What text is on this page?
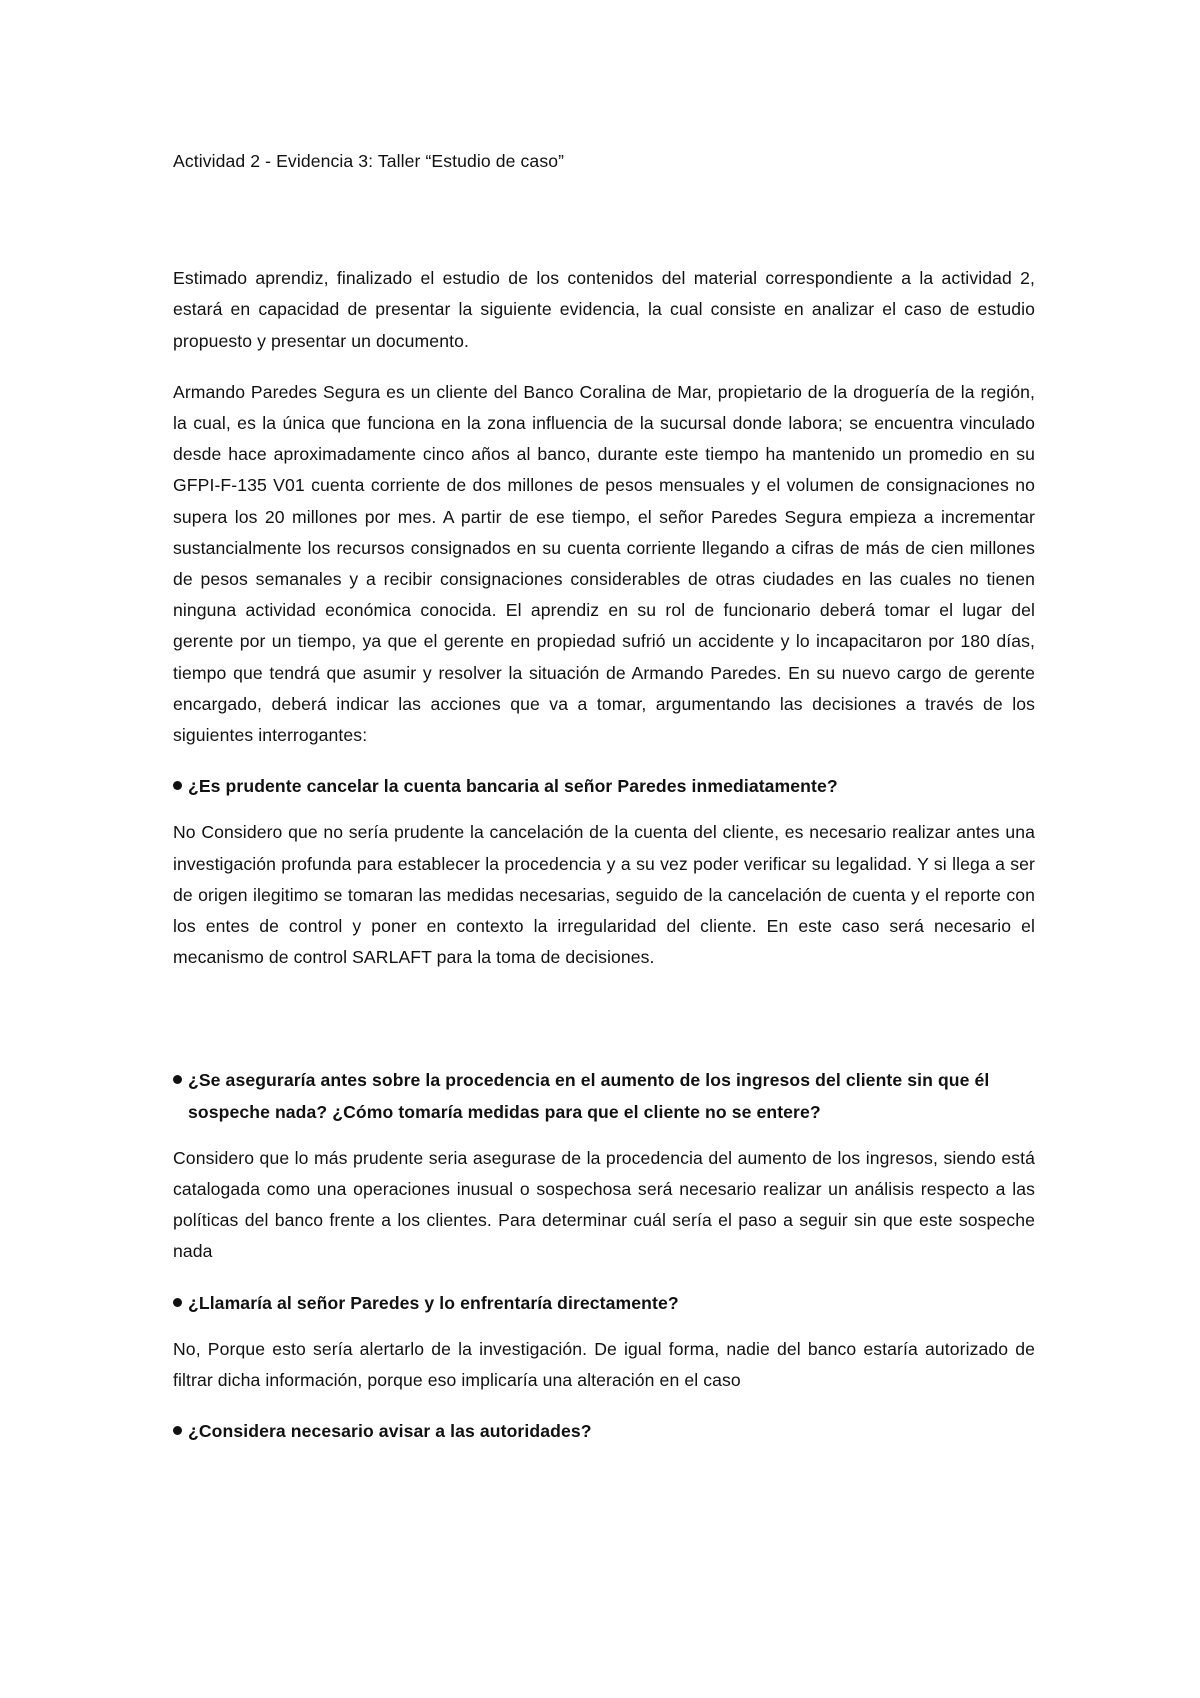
Actividad 2 - Evidencia 3: Taller “Estudio de caso”

Estimado aprendiz, finalizado el estudio de los contenidos del material correspondiente a la actividad 2, estará en capacidad de presentar la siguiente evidencia, la cual consiste en analizar el caso de estudio propuesto y presentar un documento.

Armando Paredes Segura es un cliente del Banco Coralina de Mar, propietario de la droguería de la región, la cual, es la única que funciona en la zona influencia de la sucursal donde labora; se encuentra vinculado desde hace aproximadamente cinco años al banco, durante este tiempo ha mantenido un promedio en su GFPI-F-135 V01 cuenta corriente de dos millones de pesos mensuales y el volumen de consignaciones no supera los 20 millones por mes. A partir de ese tiempo, el señor Paredes Segura empieza a incrementar sustancialmente los recursos consignados en su cuenta corriente llegando a cifras de más de cien millones de pesos semanales y a recibir consignaciones considerables de otras ciudades en las cuales no tienen ninguna actividad económica conocida. El aprendiz en su rol de funcionario deberá tomar el lugar del gerente por un tiempo, ya que el gerente en propiedad sufrió un accidente y lo incapacitaron por 180 días, tiempo que tendrá que asumir y resolver la situación de Armando Paredes. En su nuevo cargo de gerente encargado, deberá indicar las acciones que va a tomar, argumentando las decisiones a través de los siguientes interrogantes:

¿Es prudente cancelar la cuenta bancaria al señor Paredes inmediatamente?

No Considero que no sería prudente la cancelación de la cuenta del cliente, es necesario realizar antes una investigación profunda para establecer la procedencia y a su vez poder verificar su legalidad. Y si llega a ser de origen ilegitimo se tomaran las medidas necesarias, seguido de la cancelación de cuenta y el reporte con los entes de control y poner en contexto la irregularidad del cliente. En este caso será necesario el mecanismo de control SARLAFT para la toma de decisiones.

¿Se aseguraría antes sobre la procedencia en el aumento de los ingresos del cliente sin que él sospeche nada? ¿Cómo tomaría medidas para que el cliente no se entere?

Considero que lo más prudente seria asegurase de la procedencia del aumento de los ingresos, siendo está catalogada como una operaciones inusual o sospechosa será necesario realizar un análisis respecto a las políticas del banco frente a los clientes. Para determinar cuál sería el paso a seguir sin que este sospeche nada

¿Llamaría al señor Paredes y lo enfrentaría directamente?

No, Porque esto sería alertarlo de la investigación. De igual forma, nadie del banco estaría autorizado de filtrar dicha información, porque eso implicaría una alteración en el caso

¿Considera necesario avisar a las autoridades?
